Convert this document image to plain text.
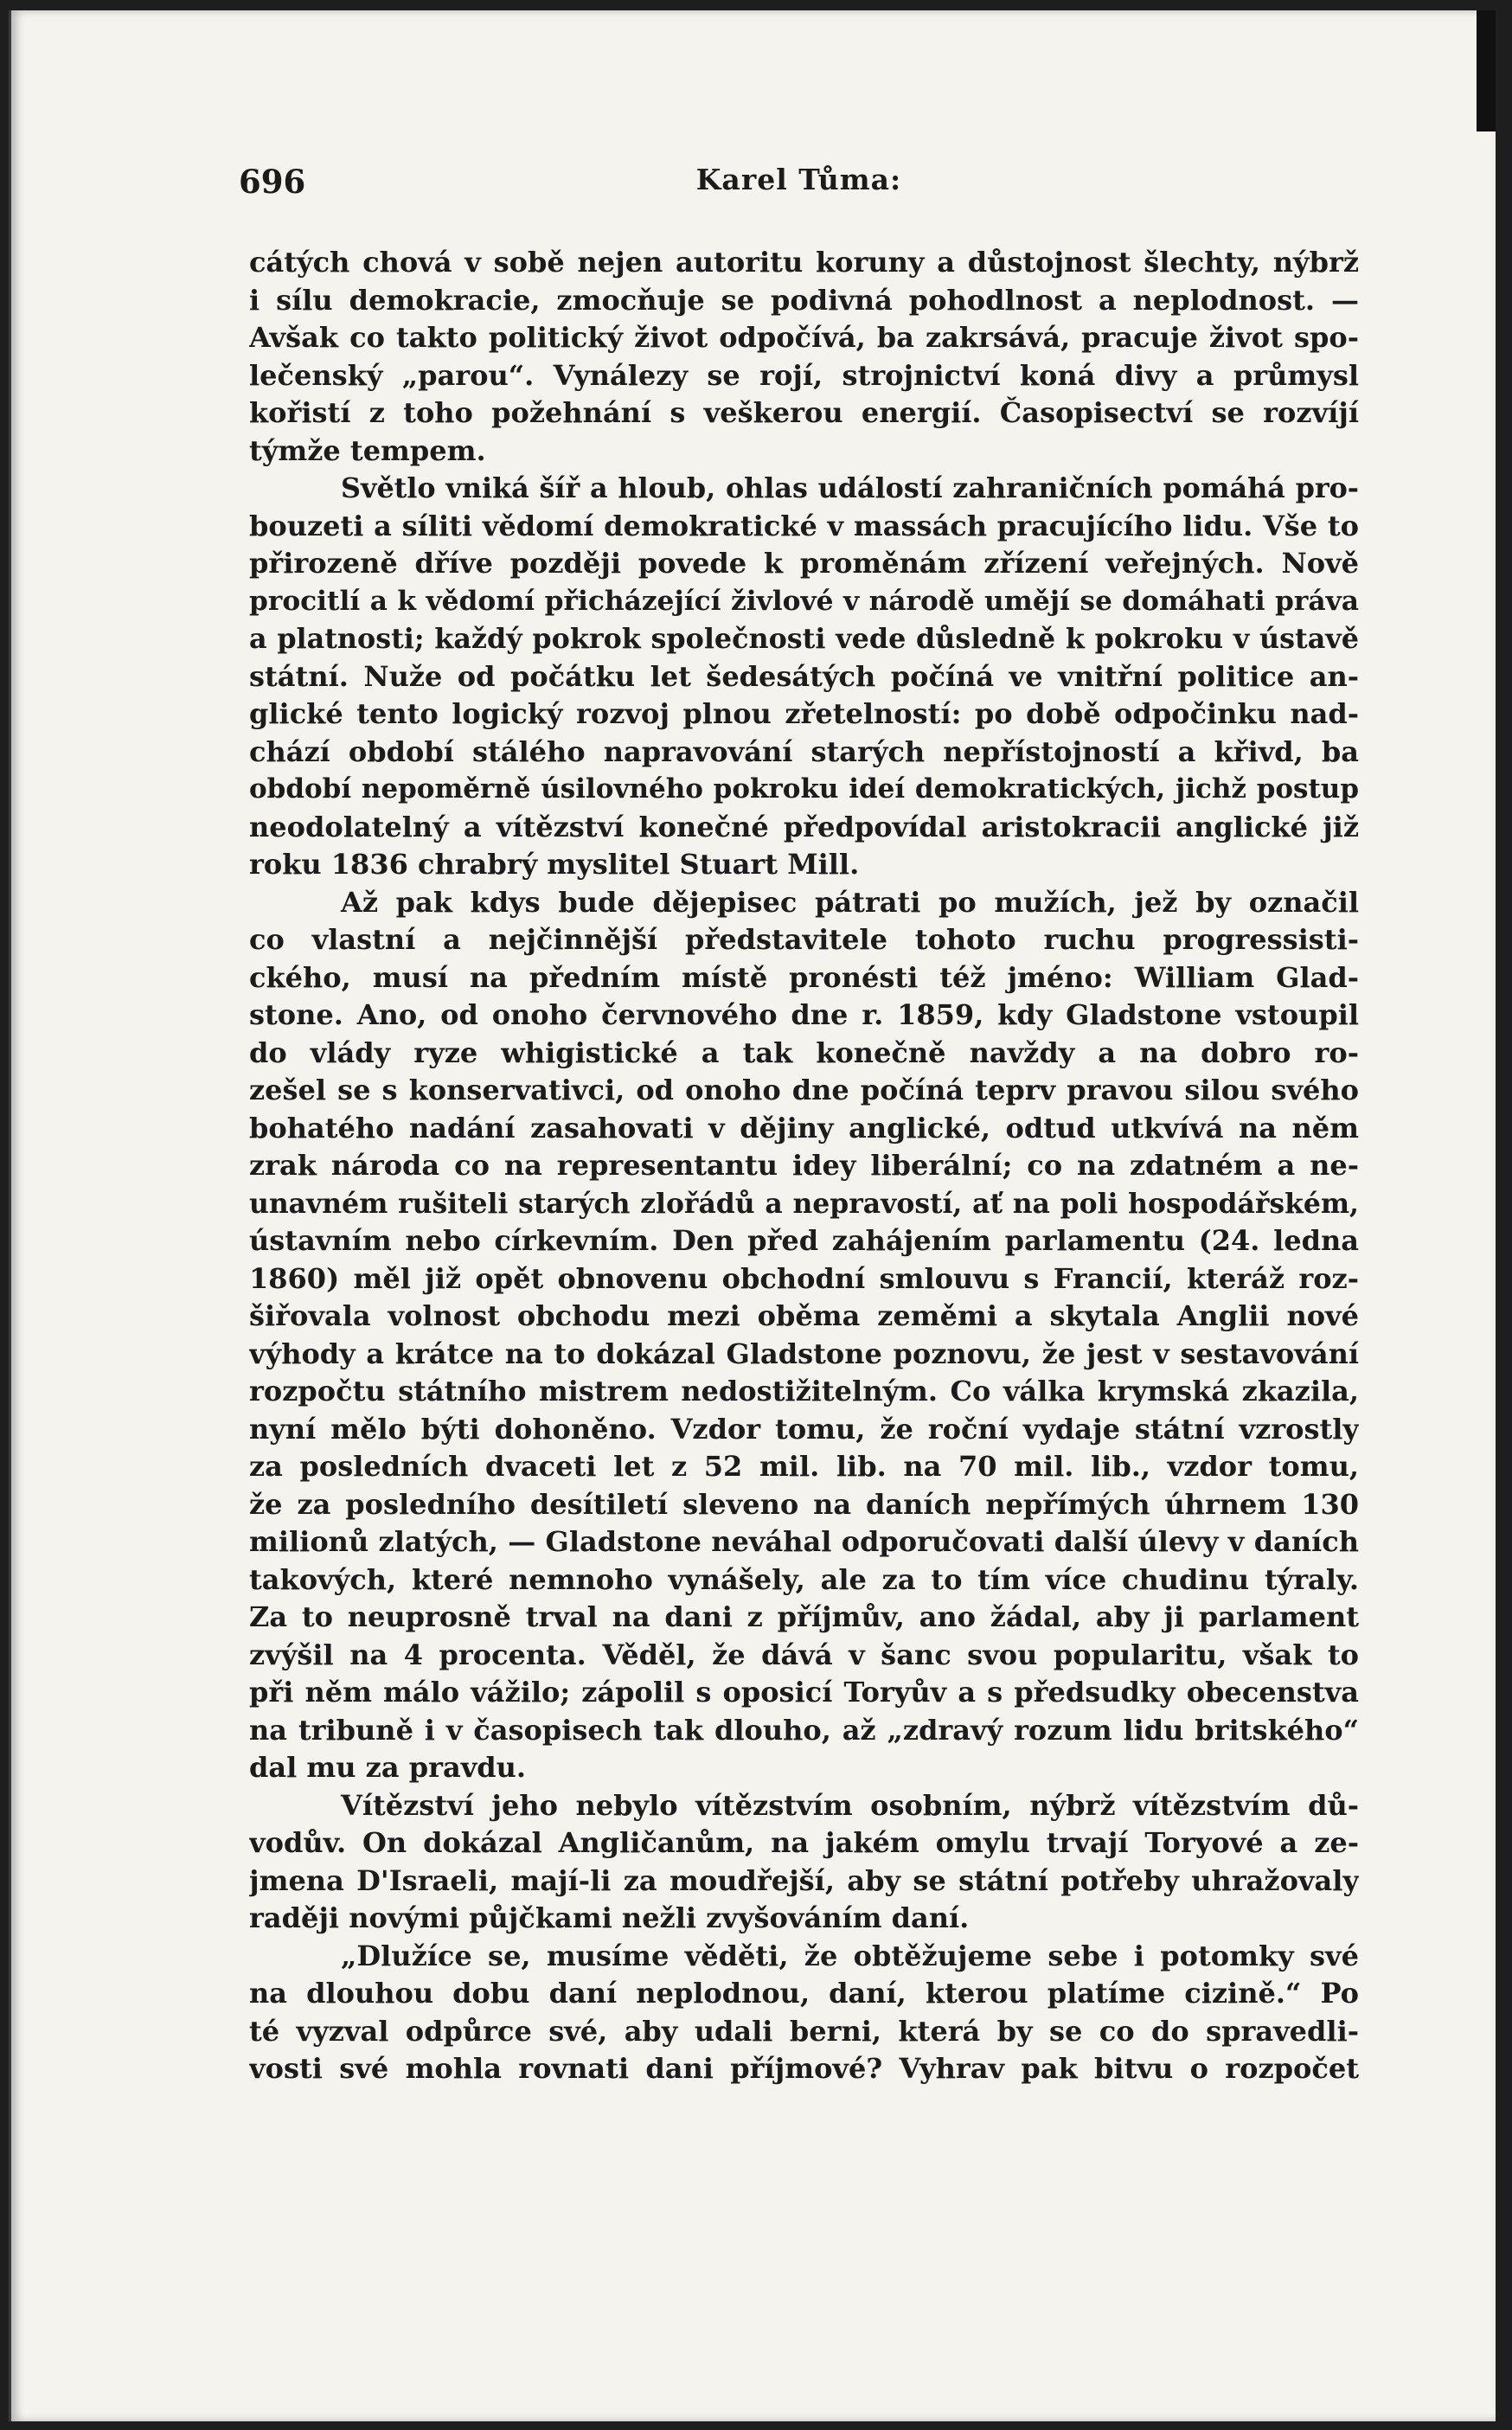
696	Karel Tůma:
cátých chová v sobě nejen autoritu koruny a důstojnost šlechty, nýbrž
i sílu demokracie, zmocňuje se podivná pohodlnost a neplodnost. —
Avšak co takto politický život odpočívá, ba zakrsává, pracuje život spo-
lečenský „parou“. Vynálezy se rojí, strojnictví koná divy a průmysl
kořistí z toho požehnání s veškerou energií. Časopisectví se rozvíjí
týmže tempem.
Světlo vniká šíř a hloub, ohlas událostí zahraničních pomáhá pro-
bouzeti a síliti vědomí demokratické v massách pracujícího lidu. Vše to
přirozeně dříve později povede k proměnám zřízení veřejných. Nově
procitlí a k vědomí přicházející živlové v národě umějí se domáhati práva
a platnosti; každý pokrok společnosti vede důsledně k pokroku v ústavě
státní. Nuže od počátku let šedesátých počíná ve vnitřní politice an-
glické tento logický rozvoj plnou zřetelností: po době odpočinku nad-
chází období stálého napravování starých nepřístojností a křivd, ba
období nepoměrně úsilovného pokroku ideí demokratických, jichž postup
neodolatelný a vítězství konečné předpovídal aristokracii anglické již
roku 1836 chrabrý myslitel Stuart Mill.
Až pak kdys bude dějepisec pátrati po mužích, jež by označil
co vlastní a nejčinnější představitele tohoto ruchu progressisti-
ckého, musí na předním místě pronésti též jméno: William Glad-
stone. Ano, od onoho červnového dne r. 1859, kdy Gladstone vstoupil
do vlády ryze whigistické a tak konečně navždy a na dobro ro-
zešel se s konservativci, od onoho dne počíná teprv pravou silou svého
bohatého nadání zasahovati v dějiny anglické, odtud utkvívá na něm
zrak národa co na representantu idey liberální; co na zdatném a ne-
unavném rušiteli starých zlořádů a nepravostí, ať na poli hospodářském,
ústavním nebo církevním. Den před zahájením parlamentu (24. ledna
1860) měl již opět obnovenu obchodní smlouvu s Francií, kteráž roz-
šiřovala volnost obchodu mezi oběma zeměmi a skytala Anglii nové
výhody a krátce na to dokázal Gladstone poznovu, že jest v sestavování
rozpočtu státního mistrem nedostižitelným. Co válka krymská zkazila,
nyní mělo býti dohoněno. Vzdor tomu, že roční vydaje státní vzrostly
za posledních dvaceti let z 52 mil. lib. na 70 mil. lib., vzdor tomu,
že za posledního desítiletí sleveno na daních nepřímých úhrnem 130
milionů zlatých, — Gladstone neváhal odporučovati další úlevy v daních
takových, které nemnoho vynášely, ale za to tím více chudinu týraly.
Za to neuprosně trval na dani z příjmův, ano žádal, aby ji parlament
zvýšil na 4 procenta. Věděl, že dává v šanc svou popularitu, však to
při něm málo vážilo; zápolil s oposicí Toryův a s předsudky obecenstva
na tribuně i v časopisech tak dlouho, až „zdravý rozum lidu britského“
dal mu za pravdu.
Vítězství jeho nebylo vítězstvím osobním, nýbrž vítězstvím dů-
vodův. On dokázal Angličanům, na jakém omylu trvají Toryové a ze-
jmena D'Israeli, mají-li za moudřejší, aby se státní potřeby uhražovaly
raději novými půjčkami nežli zvyšováním daní.
„Dlužíce se, musíme věděti, že obtěžujeme sebe i potomky své
na dlouhou dobu daní neplodnou, daní, kterou platíme cizině.“ Po
té vyzval odpůrce své, aby udali berni, která by se co do spravedli-
vosti své mohla rovnati dani příjmové? Vyhrav pak bitvu o rozpočet
